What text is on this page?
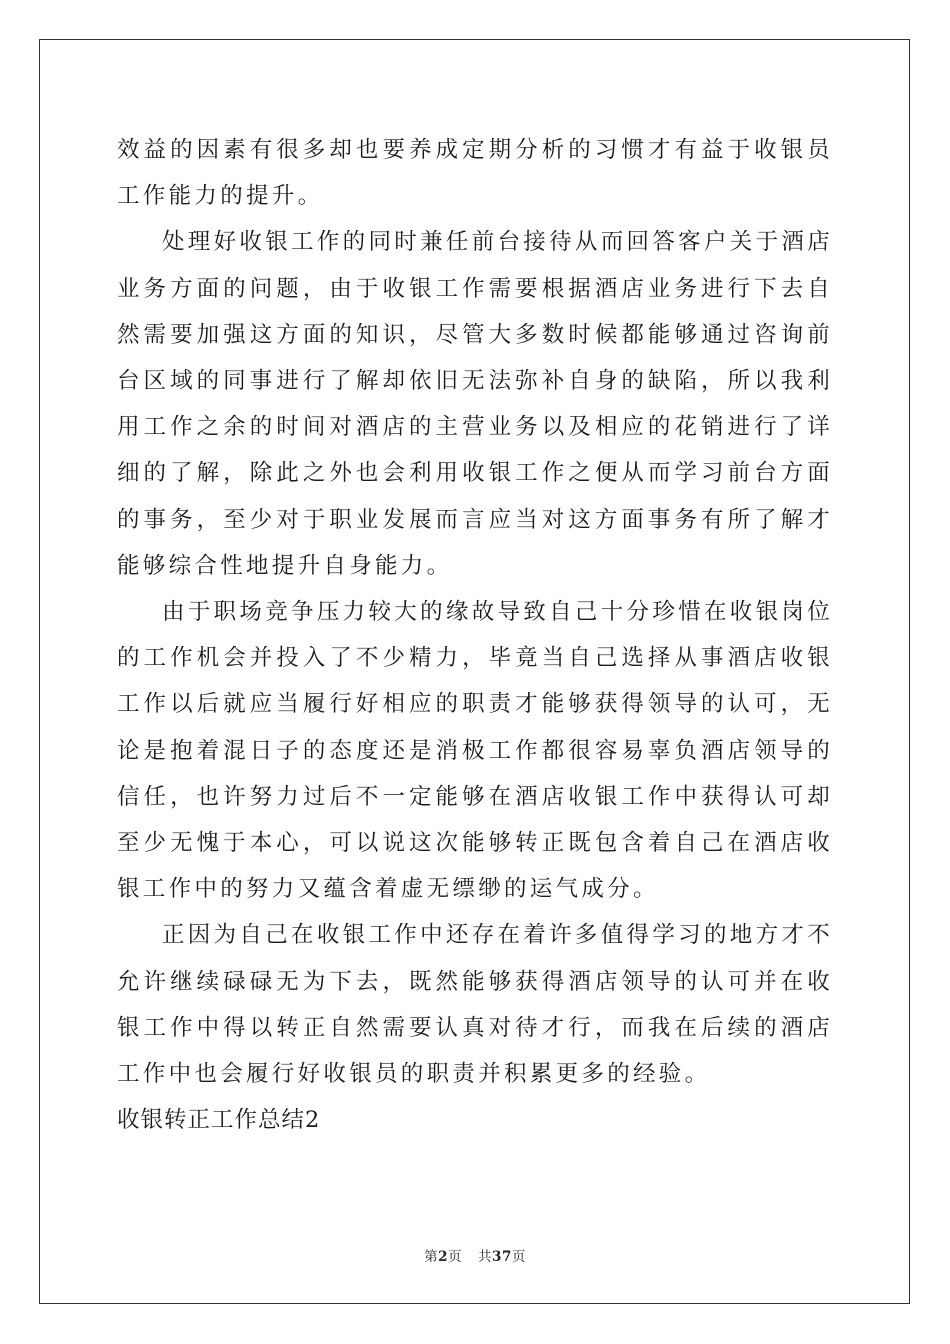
效益的因素有很多却也要养成定期分析的习惯才有益于收银员工作能力的提升。

处理好收银工作的同时兼任前台接待从而回答客户关于酒店业务方面的问题，由于收银工作需要根据酒店业务进行下去自然需要加强这方面的知识，尽管大多数时候都能够通过咨询前台区域的同事进行了解却依旧无法弥补自身的缺陷，所以我利用工作之余的时间对酒店的主营业务以及相应的花销进行了详细的了解，除此之外也会利用收银工作之便从而学习前台方面的事务，至少对于职业发展而言应当对这方面事务有所了解才能够综合性地提升自身能力。

由于职场竞争压力较大的缘故导致自己十分珍惜在收银岗位的工作机会并投入了不少精力，毕竟当自己选择从事酒店收银工作以后就应当履行好相应的职责才能够获得领导的认可，无论是抱着混日子的态度还是消极工作都很容易辜负酒店领导的信任，也许努力过后不一定能够在酒店收银工作中获得认可却至少无愧于本心，可以说这次能够转正既包含着自己在酒店收银工作中的努力又蕴含着虚无缥缈的运气成分。

正因为自己在收银工作中还存在着许多值得学习的地方才不允许继续碌碌无为下去，既然能够获得酒店领导的认可并在收银工作中得以转正自然需要认真对待才行，而我在后续的酒店工作中也会履行好收银员的职责并积累更多的经验。

收银转正工作总结2

第2页 共37页
